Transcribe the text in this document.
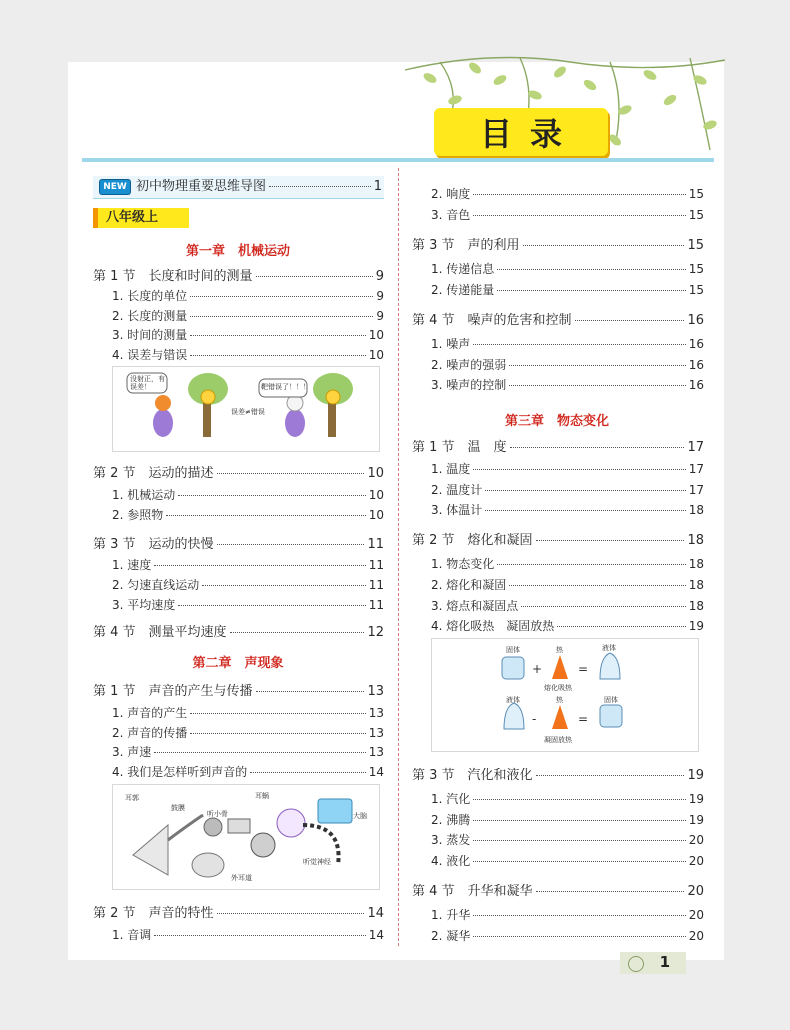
目录
NEW 初中物理重要思维导图	1
八年级上
第一章　机械运动
第二章　声现象
第三章　物态变化
第 1 节　长度和时间的测量	9
1. 长度的单位	9
2. 长度的测量	9
3. 时间的测量	10
4. 误差与错误	10
没射正，有误差！	靶错误了！！！
误差≠错误
第 2 节　运动的描述	10
1. 机械运动	10
2. 参照物	10
第 3 节　运动的快慢	11
1. 速度	11
2. 匀速直线运动	11
3. 平均速度	11
第 4 节　测量平均速度	12
第 1 节　声音的产生与传播	13
1. 声音的产生	13
2. 声音的传播	13
3. 声速	13
4. 我们是怎样听到声音的	14
耳郭
鼓膜
听小骨
耳蜗
大脑
听觉神经
外耳道
第 2 节　声音的特性	14
1. 音调	14
2. 响度	15
3. 音色	15
第 3 节　声的利用	15
1. 传递信息	15
2. 传递能量	15
第 4 节　噪声的危害和控制	16
1. 噪声	16
2. 噪声的强弱	16
3. 噪声的控制	16
第 1 节　温　度	17
1. 温度	17
2. 温度计	17
3. 体温计	18
第 2 节　熔化和凝固	18
1. 物态变化	18
2. 熔化和凝固	18
3. 熔点和凝固点	18
4. 熔化吸热　凝固放热	19
+	=
-	=
固体	热	液体
熔化吸热
液体	热	固体
凝固放热
第 3 节　汽化和液化	19
1. 汽化	19
2. 沸腾	19
3. 蒸发	20
4. 液化	20
第 4 节　升华和凝华	20
1. 升华	20
2. 凝华	20
1
